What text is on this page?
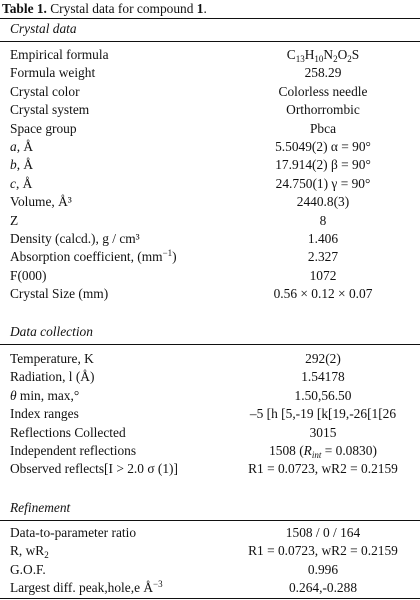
Table 1. Crystal data for compound 1.
Crystal data
Empirical formula	$C_{13}H_{10}N_2O_2S$
Formula weight	258.29
Crystal color	Colorless needle
Crystal system	Orthorrombic
Space group	Pbca
a, Å	5.5049(2) α = 90°
b, Å	17.914(2) β = 90°
c, Å	24.750(1) γ = 90°
Volume, Å³	2440.8(3)
Z	8
Density (calcd.), g / cm³	1.406
Absorption coefficient, $(mm^{-1})$	2.327
F(000)	1072
Crystal Size (mm)	0.56 × 0.12 × 0.07
Data collection
Temperature, K	292(2)
Radiation, l (Å)	1.54178
θ min, max,°	1.50,56.50
Index ranges	–5 [h [5,-19 [k[19,-26[1[26
Reflections Collected	3015
Independent reflections	1508 $(R_{int} = 0.0830)$
Observed reflects[I > 2.0 σ (1)]	R1 = 0.0723, wR2 = 0.2159
Refinement
Data-to-parameter ratio	1508 / 0 / 164
R, $wR_2$	R1 = 0.0723, wR2 = 0.2159
G.O.F.	0.996
Largest diff. peak,hole,e $Å^{-3}$	0.264,-0.288
